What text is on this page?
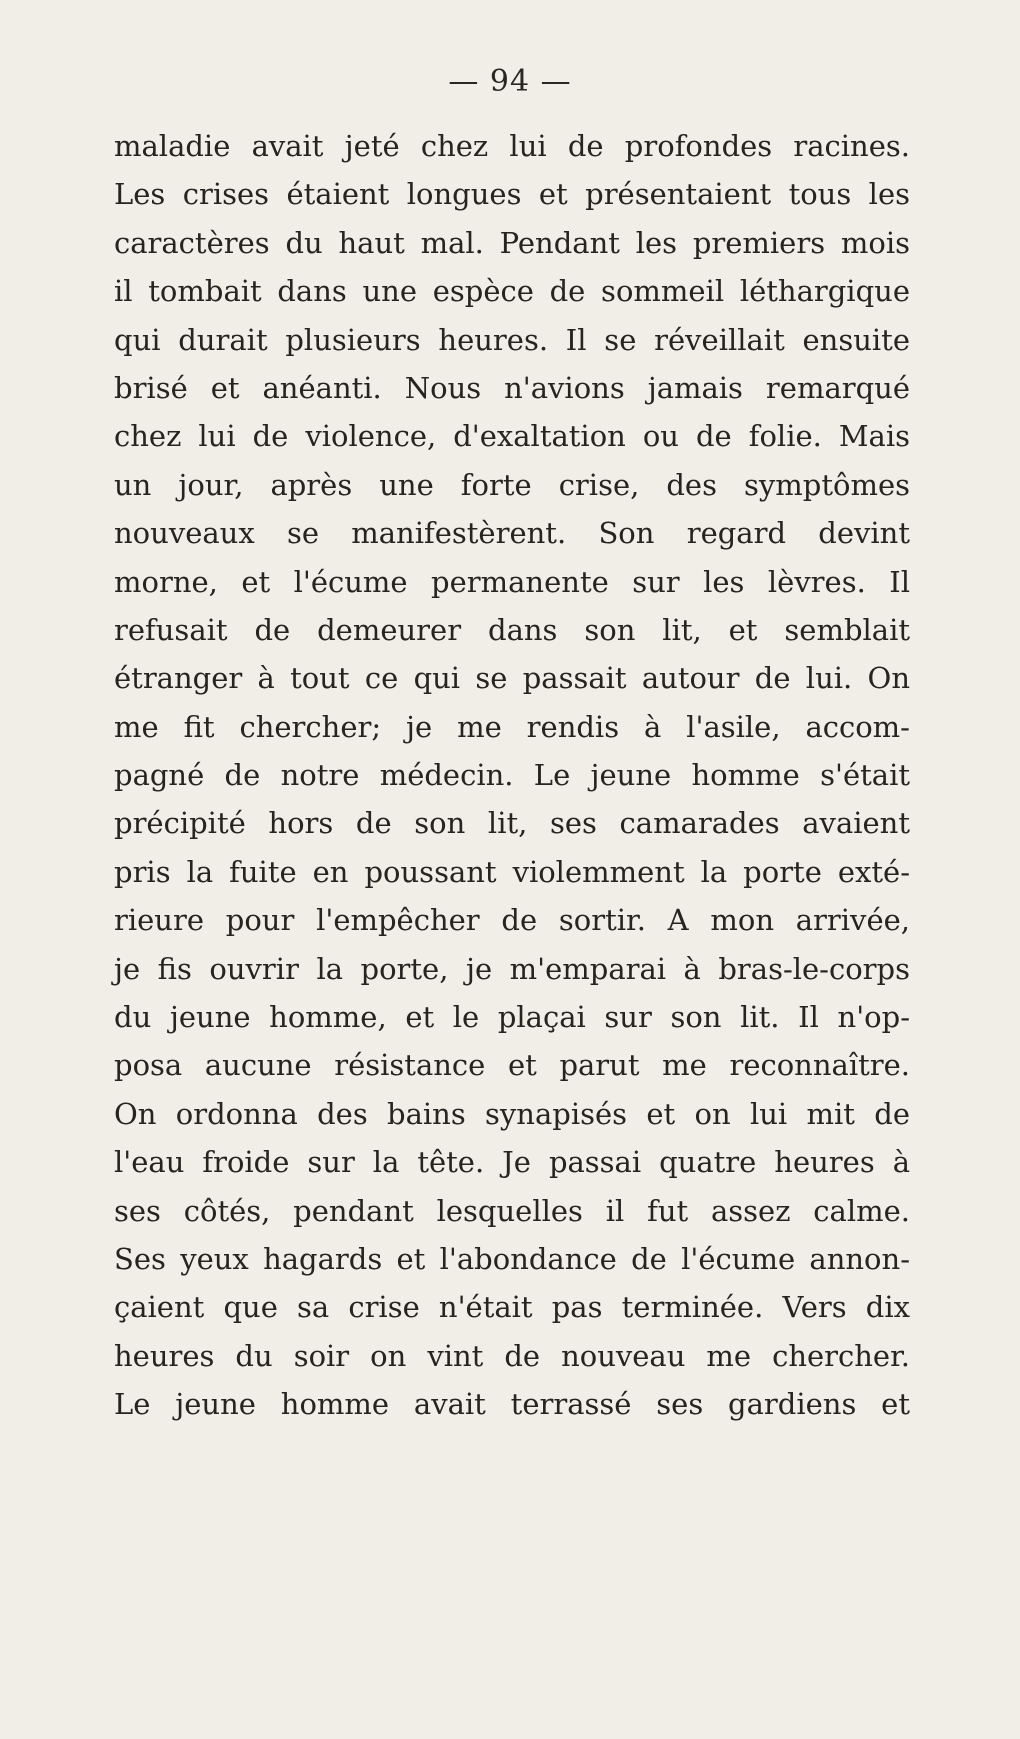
— 94 —
maladie avait jeté chez lui de profondes racines.
Les crises étaient longues et présentaient tous les
caractères du haut mal. Pendant les premiers mois
il tombait dans une espèce de sommeil léthargique
qui durait plusieurs heures. Il se réveillait ensuite
brisé et anéanti. Nous n'avions jamais remarqué
chez lui de violence, d'exaltation ou de folie. Mais
un jour, après une forte crise, des symptômes
nouveaux se manifestèrent. Son regard devint
morne, et l'écume permanente sur les lèvres. Il
refusait de demeurer dans son lit, et semblait
étranger à tout ce qui se passait autour de lui. On
me fit chercher; je me rendis à l'asile, accom-
pagné de notre médecin. Le jeune homme s'était
précipité hors de son lit, ses camarades avaient
pris la fuite en poussant violemment la porte exté-
rieure pour l'empêcher de sortir. A mon arrivée,
je fis ouvrir la porte, je m'emparai à bras-le-corps
du jeune homme, et le plaçai sur son lit. Il n'op-
posa aucune résistance et parut me reconnaître.
On ordonna des bains synapisés et on lui mit de
l'eau froide sur la tête. Je passai quatre heures à
ses côtés, pendant lesquelles il fut assez calme.
Ses yeux hagards et l'abondance de l'écume annon-
çaient que sa crise n'était pas terminée. Vers dix
heures du soir on vint de nouveau me chercher.
Le jeune homme avait terrassé ses gardiens et
